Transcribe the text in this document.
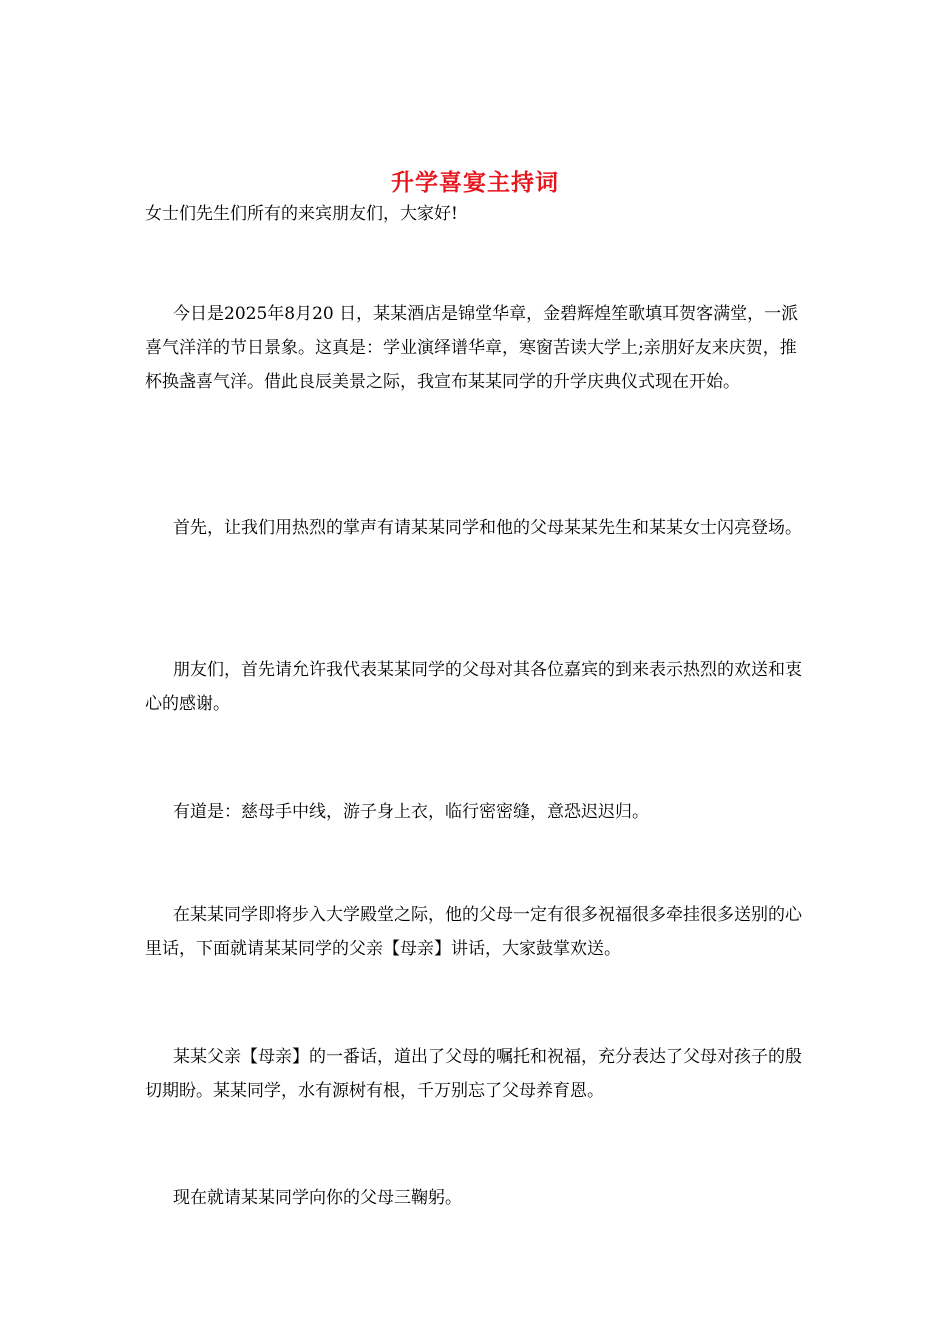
升学喜宴主持词

女士们先生们所有的来宾朋友们，大家好!

今日是2025年8月20 日，某某酒店是锦堂华章，金碧辉煌笙歌填耳贺客满堂，一派喜气洋洋的节日景象。这真是：学业演绎谱华章，寒窗苦读大学上;亲朋好友来庆贺，推杯换盏喜气洋。借此良辰美景之际，我宣布某某同学的升学庆典仪式现在开始。

首先，让我们用热烈的掌声有请某某同学和他的父母某某先生和某某女士闪亮登场。

朋友们，首先请允许我代表某某同学的父母对其各位嘉宾的到来表示热烈的欢送和衷心的感谢。

有道是：慈母手中线，游子身上衣，临行密密缝，意恐迟迟归。

在某某同学即将步入大学殿堂之际，他的父母一定有很多祝福很多牵挂很多送别的心里话，下面就请某某同学的父亲【母亲】讲话，大家鼓掌欢送。

某某父亲【母亲】的一番话，道出了父母的嘱托和祝福，充分表达了父母对孩子的殷切期盼。某某同学，水有源树有根，千万别忘了父母养育恩。

现在就请某某同学向你的父母三鞠躬。
